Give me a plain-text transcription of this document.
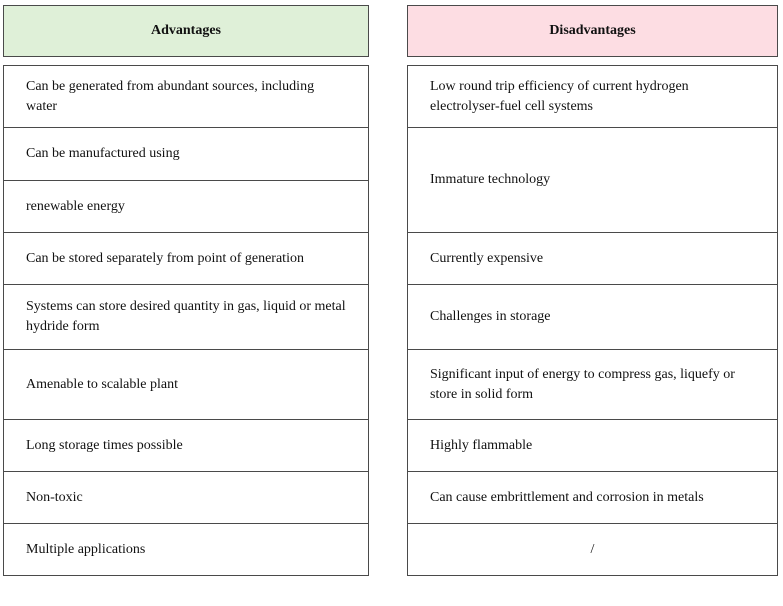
Advantages
Can be generated from abundant sources, including water
Can be manufactured using
renewable energy
Can be stored separately from point of generation
Systems can store desired quantity in gas, liquid or metal hydride form
Amenable to scalable plant
Long storage times possible
Non-toxic
Multiple applications
Disadvantages
Low round trip efficiency of current hydrogen electrolyser-fuel cell systems
Immature technology
Currently expensive
Challenges in storage
Significant input of energy to compress gas, liquefy or store in solid form
Highly flammable
Can cause embrittlement and corrosion in metals
/
